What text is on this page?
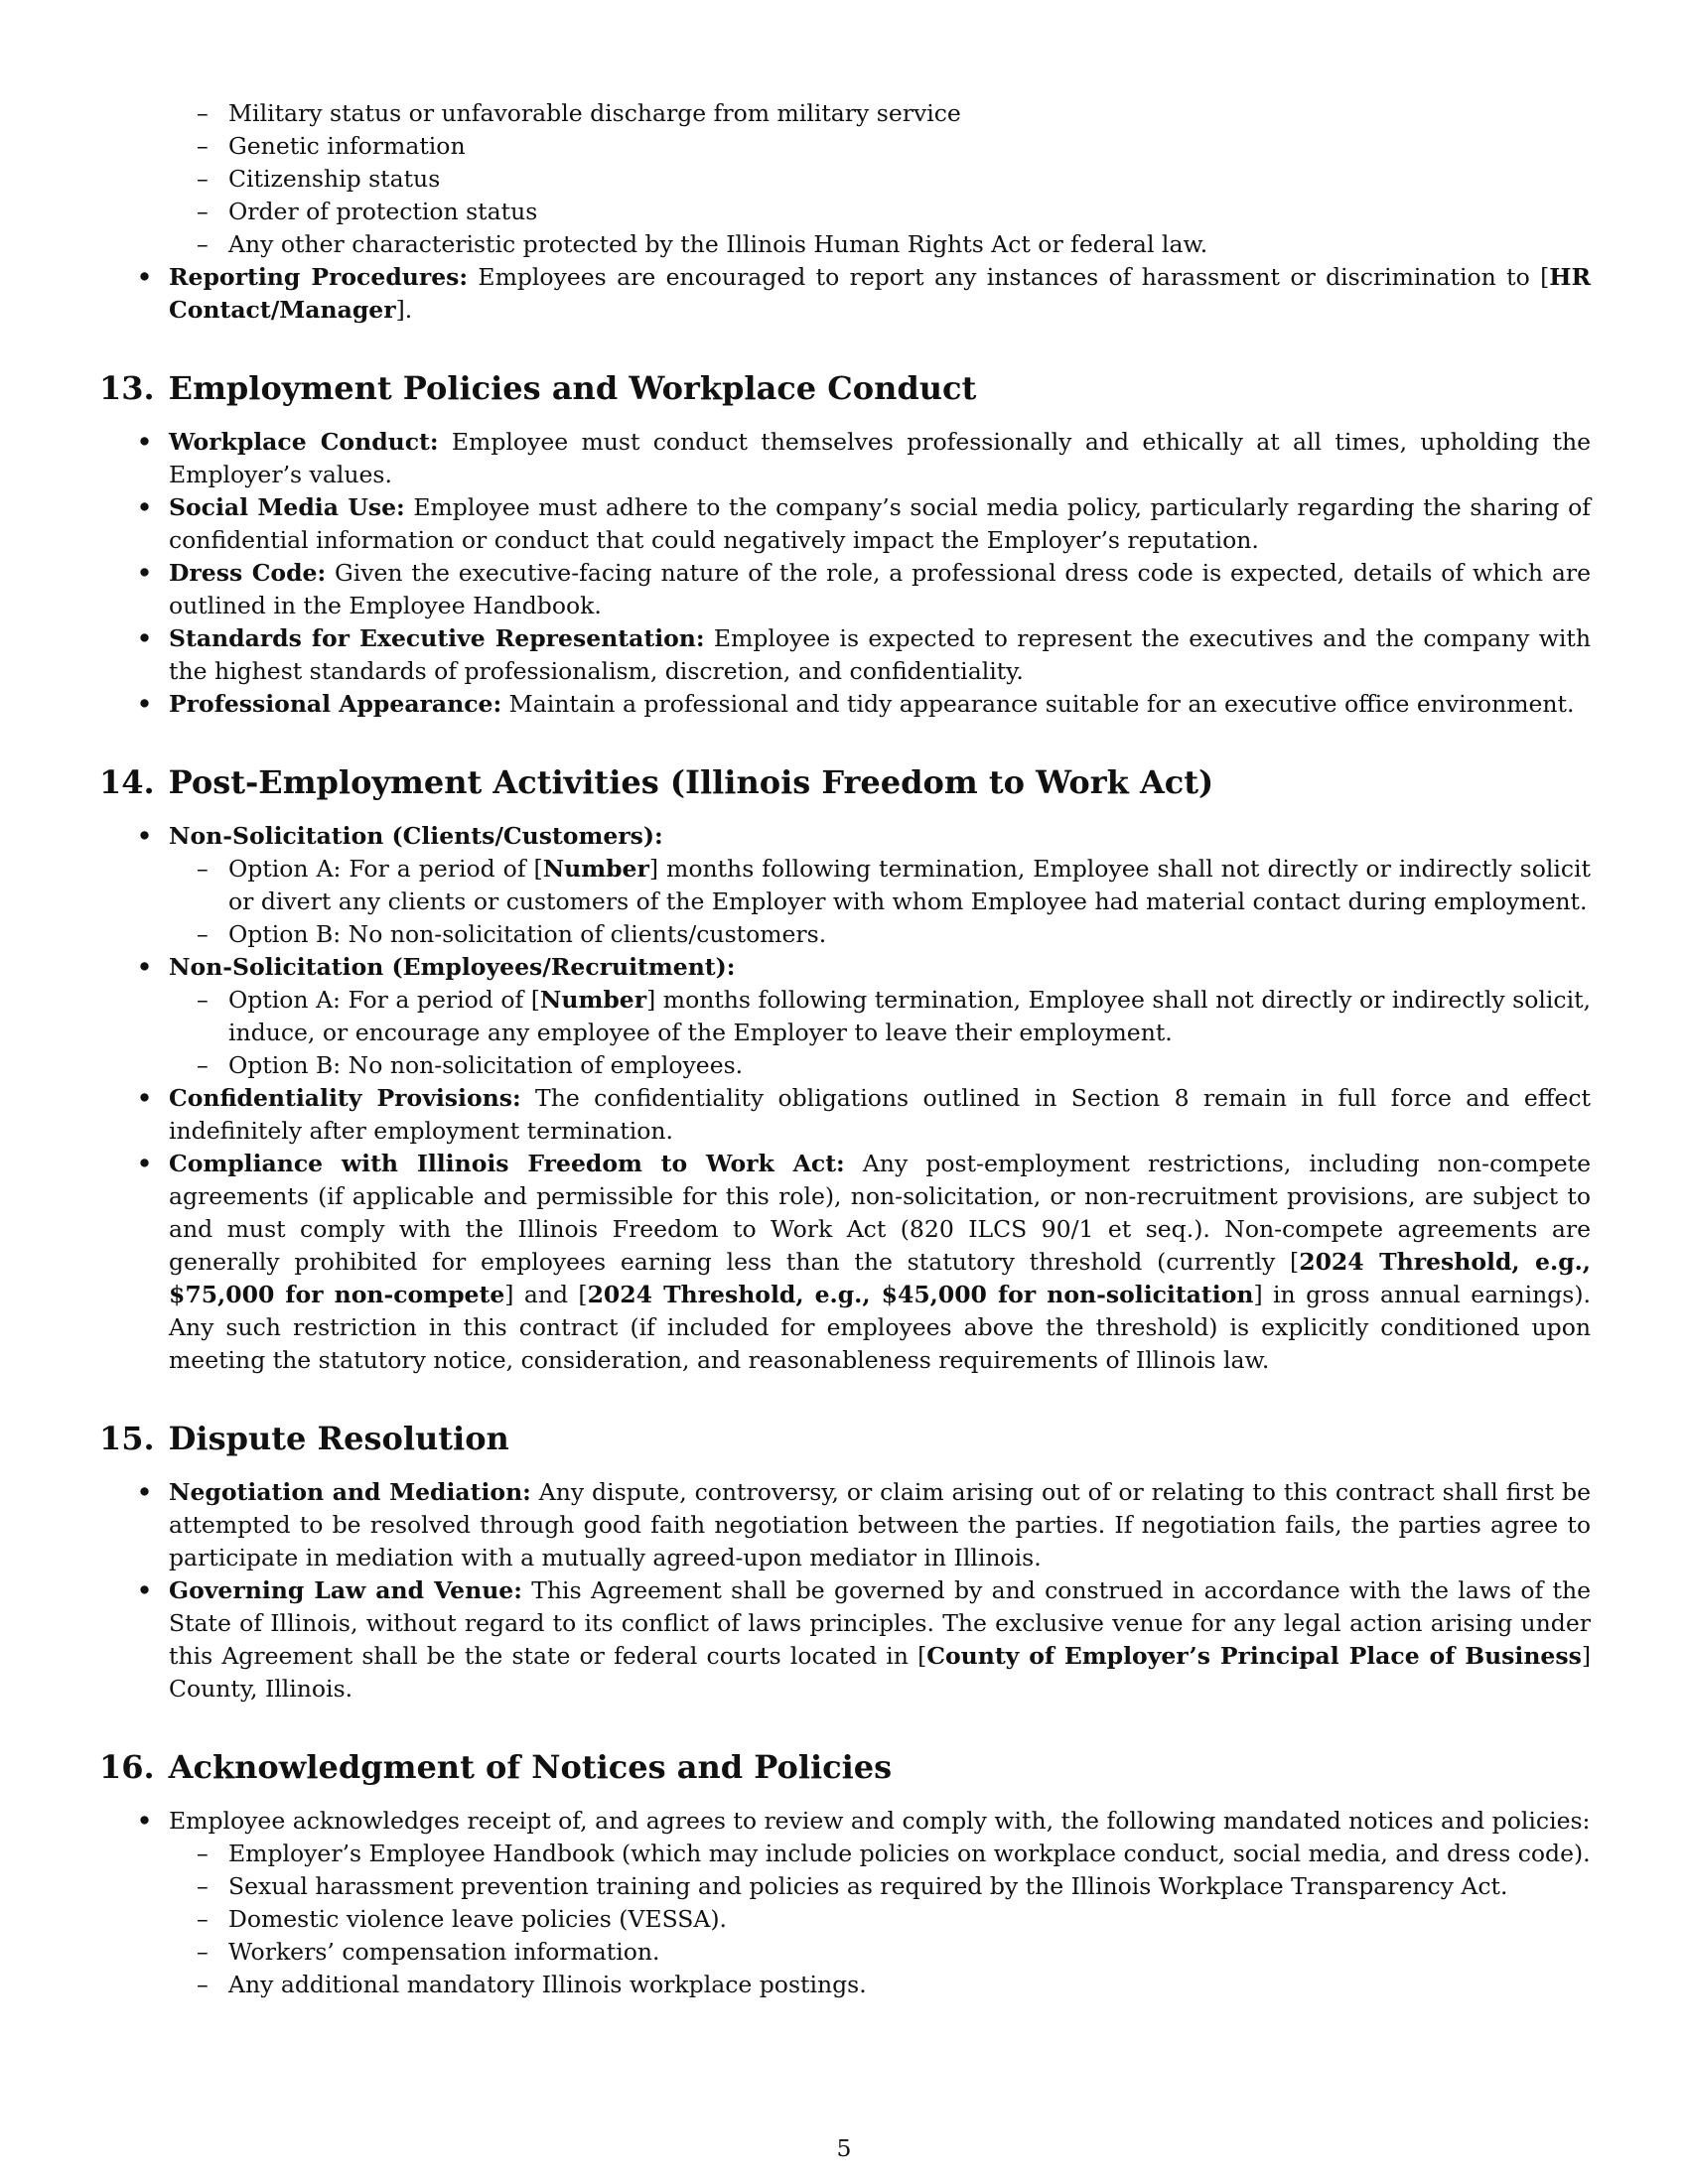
– Military status or unfavorable discharge from military service
– Genetic information
– Citizenship status
– Order of protection status
– Any other characteristic protected by the Illinois Human Rights Act or federal law.
• Reporting Procedures: Employees are encouraged to report any instances of harassment or discrimination to [HR Contact/Manager].
13. Employment Policies and Workplace Conduct
• Workplace Conduct: Employee must conduct themselves professionally and ethically at all times, upholding the Employer’s values.
• Social Media Use: Employee must adhere to the company’s social media policy, particularly regarding the sharing of confidential information or conduct that could negatively impact the Employer’s reputation.
• Dress Code: Given the executive-facing nature of the role, a professional dress code is expected, details of which are outlined in the Employee Handbook.
• Standards for Executive Representation: Employee is expected to represent the executives and the company with the highest standards of professionalism, discretion, and confidentiality.
• Professional Appearance: Maintain a professional and tidy appearance suitable for an executive office environment.
14. Post-Employment Activities (Illinois Freedom to Work Act)
• Non-Solicitation (Clients/Customers):
– Option A: For a period of [Number] months following termination, Employee shall not directly or indirectly solicit or divert any clients or customers of the Employer with whom Employee had material contact during employment.
– Option B: No non-solicitation of clients/customers.
• Non-Solicitation (Employees/Recruitment):
– Option A: For a period of [Number] months following termination, Employee shall not directly or indirectly solicit, induce, or encourage any employee of the Employer to leave their employment.
– Option B: No non-solicitation of employees.
• Confidentiality Provisions: The confidentiality obligations outlined in Section 8 remain in full force and effect indefinitely after employment termination.
• Compliance with Illinois Freedom to Work Act: Any post-employment restrictions, including non-compete agreements (if applicable and permissible for this role), non-solicitation, or non-recruitment provisions, are subject to and must comply with the Illinois Freedom to Work Act (820 ILCS 90/1 et seq.). Non-compete agreements are generally prohibited for employees earning less than the statutory threshold (currently [2024 Threshold, e.g., $75,000 for non-compete] and [2024 Threshold, e.g., $45,000 for non-solicitation] in gross annual earnings). Any such restriction in this contract (if included for employees above the threshold) is explicitly conditioned upon meeting the statutory notice, consideration, and reasonableness requirements of Illinois law.
15. Dispute Resolution
• Negotiation and Mediation: Any dispute, controversy, or claim arising out of or relating to this contract shall first be attempted to be resolved through good faith negotiation between the parties. If negotiation fails, the parties agree to participate in mediation with a mutually agreed-upon mediator in Illinois.
• Governing Law and Venue: This Agreement shall be governed by and construed in accordance with the laws of the State of Illinois, without regard to its conflict of laws principles. The exclusive venue for any legal action arising under this Agreement shall be the state or federal courts located in [County of Employer’s Principal Place of Business] County, Illinois.
16. Acknowledgment of Notices and Policies
• Employee acknowledges receipt of, and agrees to review and comply with, the following mandated notices and policies:
– Employer’s Employee Handbook (which may include policies on workplace conduct, social media, and dress code).
– Sexual harassment prevention training and policies as required by the Illinois Workplace Transparency Act.
– Domestic violence leave policies (VESSA).
– Workers’ compensation information.
– Any additional mandatory Illinois workplace postings.
5
